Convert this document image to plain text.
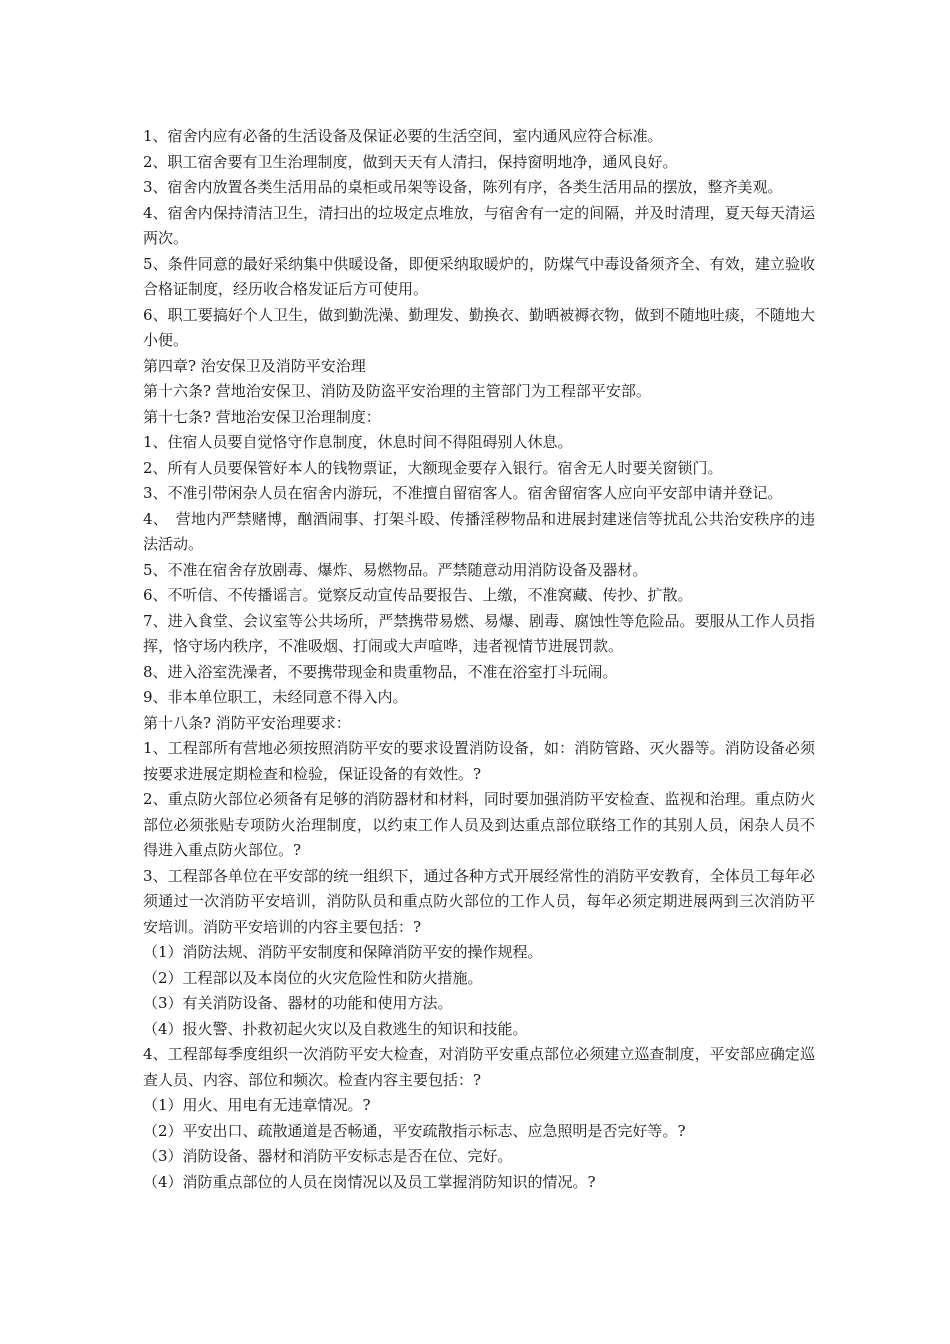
1、宿舍内应有必备的生活设备及保证必要的生活空间，室内通风应符合标准。

2、职工宿舍要有卫生治理制度，做到天天有人清扫，保持窗明地净，通风良好。

3、宿舍内放置各类生活用品的桌柜或吊架等设备，陈列有序，各类生活用品的摆放，整齐美观。

4、宿舍内保持清洁卫生，清扫出的垃圾定点堆放，与宿舍有一定的间隔，并及时清理，夏天每天清运两次。

5、条件同意的最好采纳集中供暖设备，即便采纳取暖炉的，防煤气中毒设备须齐全、有效，建立验收合格证制度，经历收合格发证后方可使用。

6、职工要搞好个人卫生，做到勤洗澡、勤理发、勤换衣、勤晒被褥衣物，做到不随地吐痰，不随地大小便。

第四章? 治安保卫及消防平安治理

第十六条? 营地治安保卫、消防及防盗平安治理的主管部门为工程部平安部。

第十七条? 营地治安保卫治理制度：

1、住宿人员要自觉恪守作息制度，休息时间不得阻碍别人休息。

2、所有人员要保管好本人的钱物票证，大额现金要存入银行。宿舍无人时要关窗锁门。

3、不准引带闲杂人员在宿舍内游玩，不准擅自留宿客人。宿舍留宿客人应向平安部申请并登记。

4、　营地内严禁赌博，酗酒闹事、打架斗殴、传播淫秽物品和进展封建迷信等扰乱公共治安秩序的违法活动。

5、不准在宿舍存放剧毒、爆炸、易燃物品。严禁随意动用消防设备及器材。

6、不听信、不传播谣言。觉察反动宣传品要报告、上缴，不准窝藏、传抄、扩散。

7、进入食堂、会议室等公共场所，严禁携带易燃、易爆、剧毒、腐蚀性等危险品。要服从工作人员指挥，恪守场内秩序，不准吸烟、打闹或大声喧哗，违者视情节进展罚款。

8、进入浴室洗澡者，不要携带现金和贵重物品，不准在浴室打斗玩闹。

9、非本单位职工，未经同意不得入内。

第十八条? 消防平安治理要求：

1、工程部所有营地必须按照消防平安的要求设置消防设备，如：消防管路、灭火器等。消防设备必须按要求进展定期检查和检验，保证设备的有效性。?

2、重点防火部位必须备有足够的消防器材和材料，同时要加强消防平安检查、监视和治理。重点防火部位必须张贴专项防火治理制度，以约束工作人员及到达重点部位联络工作的其别人员，闲杂人员不得进入重点防火部位。?

3、工程部各单位在平安部的统一组织下，通过各种方式开展经常性的消防平安教育，全体员工每年必须通过一次消防平安培训，消防队员和重点防火部位的工作人员，每年必须定期进展两到三次消防平安培训。消防平安培训的内容主要包括：?

（1）消防法规、消防平安制度和保障消防平安的操作规程。

（2）工程部以及本岗位的火灾危险性和防火措施。

（3）有关消防设备、器材的功能和使用方法。

（4）报火警、扑救初起火灾以及自救逃生的知识和技能。

4、工程部每季度组织一次消防平安大检查，对消防平安重点部位必须建立巡查制度，平安部应确定巡查人员、内容、部位和频次。检查内容主要包括：?

（1）用火、用电有无违章情况。?

（2）平安出口、疏散通道是否畅通，平安疏散指示标志、应急照明是否完好等。?

（3）消防设备、器材和消防平安标志是否在位、完好。

（4）消防重点部位的人员在岗情况以及员工掌握消防知识的情况。?
